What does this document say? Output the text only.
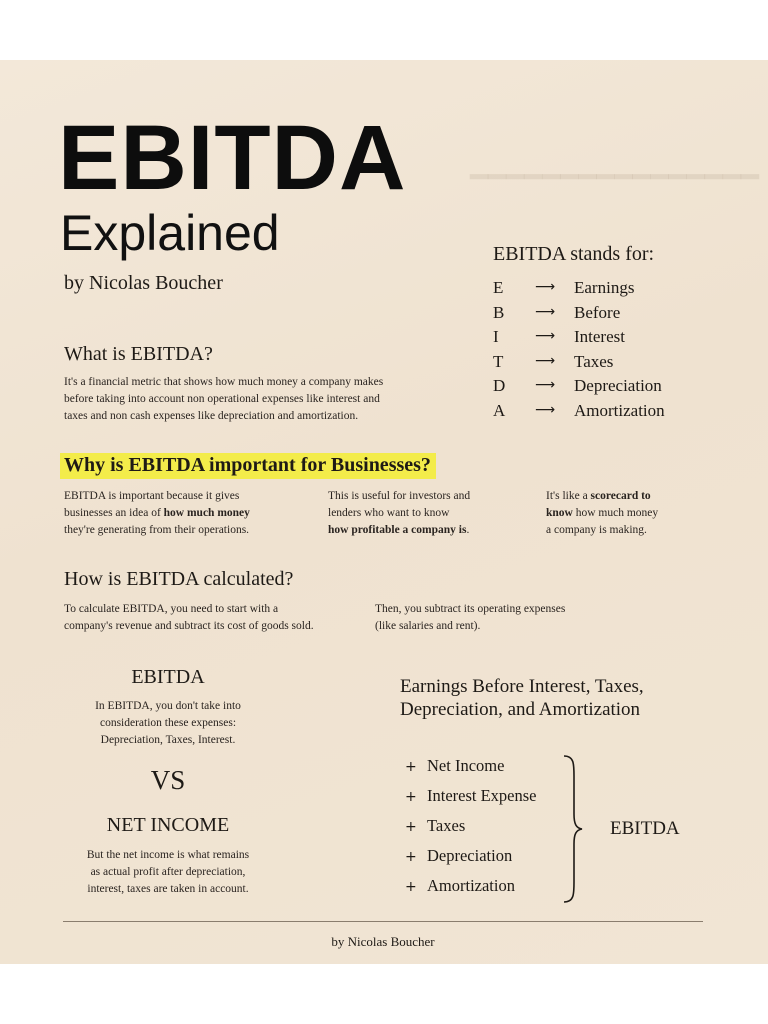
━━━━━━━━━━━━━━━━
EBITDA
Explained
by Nicolas Boucher
What is EBITDA?
It's a financial metric that shows how much money a company makes
before taking into account non operational expenses like interest and
taxes and non cash expenses like depreciation and amortization.
EBITDA stands for:
E	⟶ Earnings
B	⟶ Before
I	⟶ Interest
T	⟶ Taxes
D	⟶ Depreciation
A	⟶ Amortization
Why is EBITDA important for Businesses?
EBITDA is important because it gives
businesses an idea of how much money
they're generating from their operations.
This is useful for investors and
lenders who want to know
how profitable a company is.
It's like a scorecard to
know how much money
a company is making.
How is EBITDA calculated?
To calculate EBITDA, you need to start with a
company's revenue and subtract its cost of goods sold.
Then, you subtract its operating expenses
(like salaries and rent).
EBITDA
In EBITDA, you don't take into
consideration these expenses:
Depreciation, Taxes, Interest.
VS
NET INCOME
But the net income is what remains
as actual profit after depreciation,
interest, taxes are taken in account.
Earnings Before Interest, Taxes,
Depreciation, and Amortization
+ Net Income
+ Interest Expense
+ Taxes
+ Depreciation
+ Amortization
EBITDA
by Nicolas Boucher
